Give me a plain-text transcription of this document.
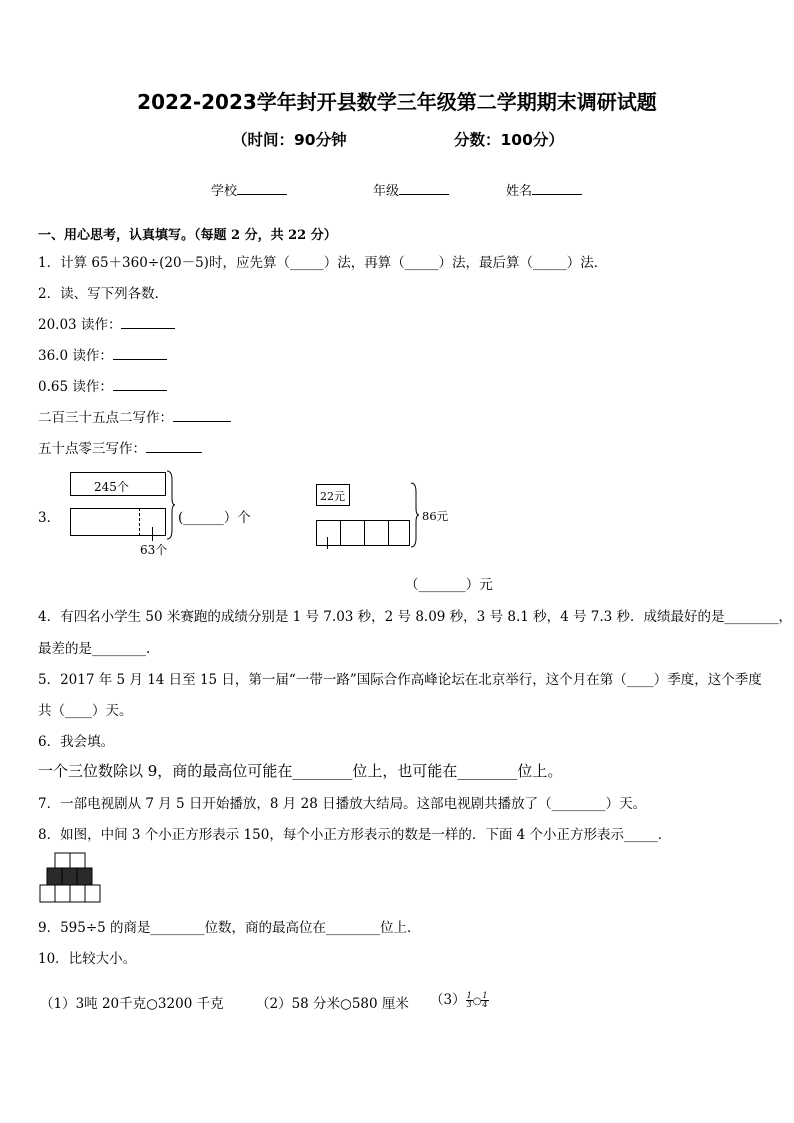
2022-2023学年封开县数学三年级第二学期期末调研试题
（时间：90分钟	分数：100分）
学校	年级	姓名
一、用心思考，认真填写。（每题 2 分，共 22 分）
1．计算 65＋360÷(20－5)时，应先算（_____）法，再算（_____）法，最后算（_____）法．
2．读、写下列各数．
20.03 读作：
36.0 读作：
0.65 读作：
二百三十五点二写作：
五十点零三写作：
3．
245个
63个
(______）个
22元
86元
（_______）元
4．有四名小学生 50 米赛跑的成绩分别是 1 号 7.03 秒，2 号 8.09 秒，3 号 8.1 秒，4 号 7.3 秒．成绩最好的是________，
最差的是________.
5．2017 年 5 月 14 日至 15 日，第一届“一带一路”国际合作高峰论坛在北京举行，这个月在第（____）季度，这个季度
共（____）天。
6．我会填。
一个三位数除以 9，商的最高位可能在________位上，也可能在________位上。
7．一部电视剧从 7 月 5 日开始播放，8 月 28 日播放大结局。这部电视剧共播放了（________）天。
8．如图，中间 3 个小正方形表示 150，每个小正方形表示的数是一样的．下面 4 个小正方形表示_____．
9．595÷5 的商是________位数，商的最高位在________位上．
10．比较大小。
（1）3吨 20千克○3200 千克 （2）58 分米○580 厘米 $(3) \frac{1}{3}$ ○ $\frac{1}{4}$
